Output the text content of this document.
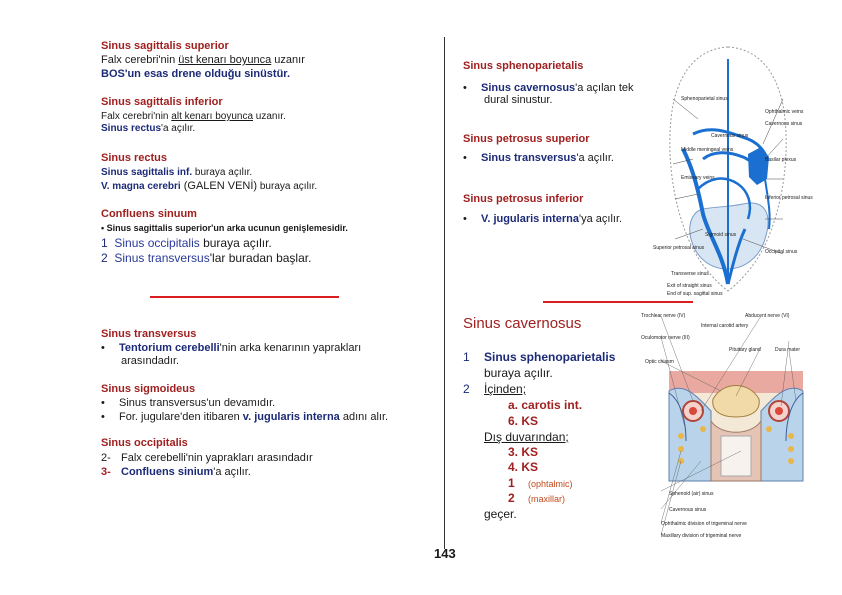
Sinus sagittalis superior
Falx cerebri'nin üst kenarı boyunca uzanır
BOS'un esas drene olduğu sinüstür.
Sinus sagittalis inferior
Falx cerebri'nin alt kenarı boyunca uzanır.
Sinus rectus'a açılır.
Sinus rectus
Sinus sagittalis inf. buraya açılır.
V. magna cerebri (GALEN VENİ) buraya açılır.
Confluens sinuum
• Sinus sagittalis superior'un arka ucunun genişlemesidir.
1 Sinus occipitalis buraya açılır.
2 Sinus transversus'lar buradan başlar.
Sinus sphenoparietalis
• Sinus cavernosus'a açılan tek
dural sinustur.
Sinus petrosus superior
• Sinus transversus'a açılır.
Sinus petrosus inferior
• V. jugularis interna'ya açılır.
Sphenoparietal sinus
Middle meningeal veins
Emissary veins
Cavernous sinus
Superior petrosal sinus
Sigmoid sinus
Transverse sinus
Exit of straight sinus
End of sup. sagittal sinus
Ophthalmic veins
Cavernous sinus
Basilar plexus
Inferior petrosal sinus
Occipital sinus
Sinus transversus
• Tentorium cerebelli'nin arka kenarının yaprakları
arasındadır.
Sinus sigmoideus
• Sinus transversus'un devamıdır.
• For. jugulare'den itibaren v. jugularis interna adını alır.
Sinus occipitalis
2- Falx cerebelli'nin yaprakları arasındadır
3- Confluens sinium'a açılır.
Sinus cavernosus
1 Sinus sphenoparietalis
buraya açılır.
2 İçinden;
a. carotis int.
6. KS
Dış duvarından;
3. KS
4. KS
1 (ophtalmic)
2 (maxillar)
geçer.
Trochlear nerve (IV)	Abducent nerve (VI)
Internal carotid artery
Oculomotor nerve (III)
Pituitary gland	Dura mater
Optic chiasm
Sphenoid (air) sinus
Cavernous sinus
Ophthalmic division of trigeminal nerve
Maxillary division of trigeminal nerve
143
